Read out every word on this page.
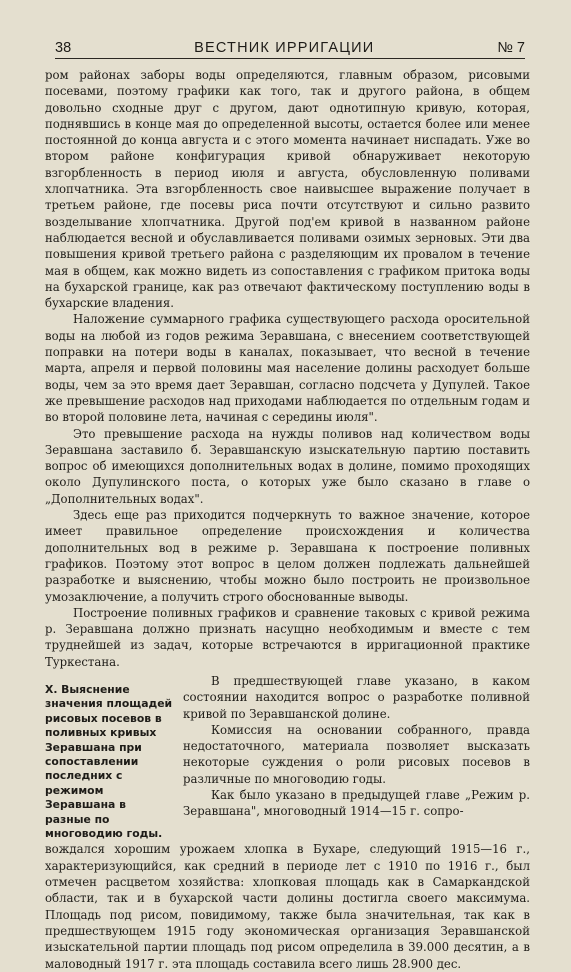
38	ВЕСТНИК ИРРИГАЦИИ	№ 7

ром районах заборы воды определяются, главным образом, рисовыми посевами, поэтому графики как того, так и другого района, в общем довольно сходные друг с другом, дают однотипную кривую, которая, поднявшись в конце мая до определенной высоты, остается более или менее постоянной до конца августа и с этого момента начинает ниспадать. Уже во втором районе конфигурация кривой обнаруживает некоторую взгорбленность в период июля и августа, обусловленную поливами хлопчатника. Эта взгорбленность свое наивысшее выражение получает в третьем районе, где посевы риса почти отсутствуют и сильно развито возделывание хлопчатника. Другой под'ем кривой в названном районе наблюдается весной и обуславливается поливами озимых зерновых. Эти два повышения кривой третьего района с разделяющим их провалом в течение мая в общем, как можно видеть из сопоставления с графиком притока воды на бухарской границе, как раз отвечают фактическому поступлению воды в бухарские владения.

Наложение суммарного графика существующего расхода оросительной воды на любой из годов режима Зеравшана, с внесением соответствующей поправки на потери воды в каналах, показывает, что весной в течение марта, апреля и первой половины мая население долины расходует больше воды, чем за это время дает Зеравшан, согласно подсчета у Дупулей. Такое же превышение расходов над приходами наблюдается по отдельным годам и во второй половине лета, начиная с середины июля".

Это превышение расхода на нужды поливов над количеством воды Зеравшана заставило б. Зеравшанскую изыскательную партию поставить вопрос об имеющихся дополнительных водах в долине, помимо проходящих около Дупулинского поста, о которых уже было сказано в главе о „Дополнительных водах".

Здесь еще раз приходится подчеркнуть то важное значение, которое имеет правильное определение происхождения и количества дополнительных вод в режиме р. Зеравшана к построение поливных графиков. Поэтому этот вопрос в целом должен подлежать дальнейшей разработке и выяснению, чтобы можно было построить не произвольное умозаключение, а получить строго обоснованные выводы.

Построение поливных графиков и сравнение таковых с кривой режима р. Зеравшана должно признать насущно необходимым и вместе с тем труднейшей из задач, которые встречаются в ирригационной практике Туркестана.

X. Выяснение значения площадей рисовых посевов в поливных кривых Зеравшана при сопоставлении последних с режимом Зеравшана в разные по многоводию годы.

В предшествующей главе указано, в каком состоянии находится вопрос о разработке поливной кривой по Зеравшанской долине.

Комиссия на основании собранного, правда недостаточного, материала позволяет высказать некоторые суждения о роли рисовых посевов в различные по многоводию годы.

Как было указано в предыдущей главе „Режим р. Зеравшана", многоводный 1914—15 г. сопро-

вождался хорошим урожаем хлопка в Бухаре, следующий 1915—16 г., характеризующийся, как средний в периоде лет с 1910 по 1916 г., был отмечен расцветом хозяйства: хлопковая площадь как в Самаркандской области, так и в бухарской части долины достигла своего максимума. Площадь под рисом, повидимому, также была значительная, так как в предшествующем 1915 году экономическая организация Зеравшанской изыскательной партии площадь под рисом определила в 39.000 десятин, а в маловодный 1917 г. эта площадь составила всего лишь 28.900 дес.
